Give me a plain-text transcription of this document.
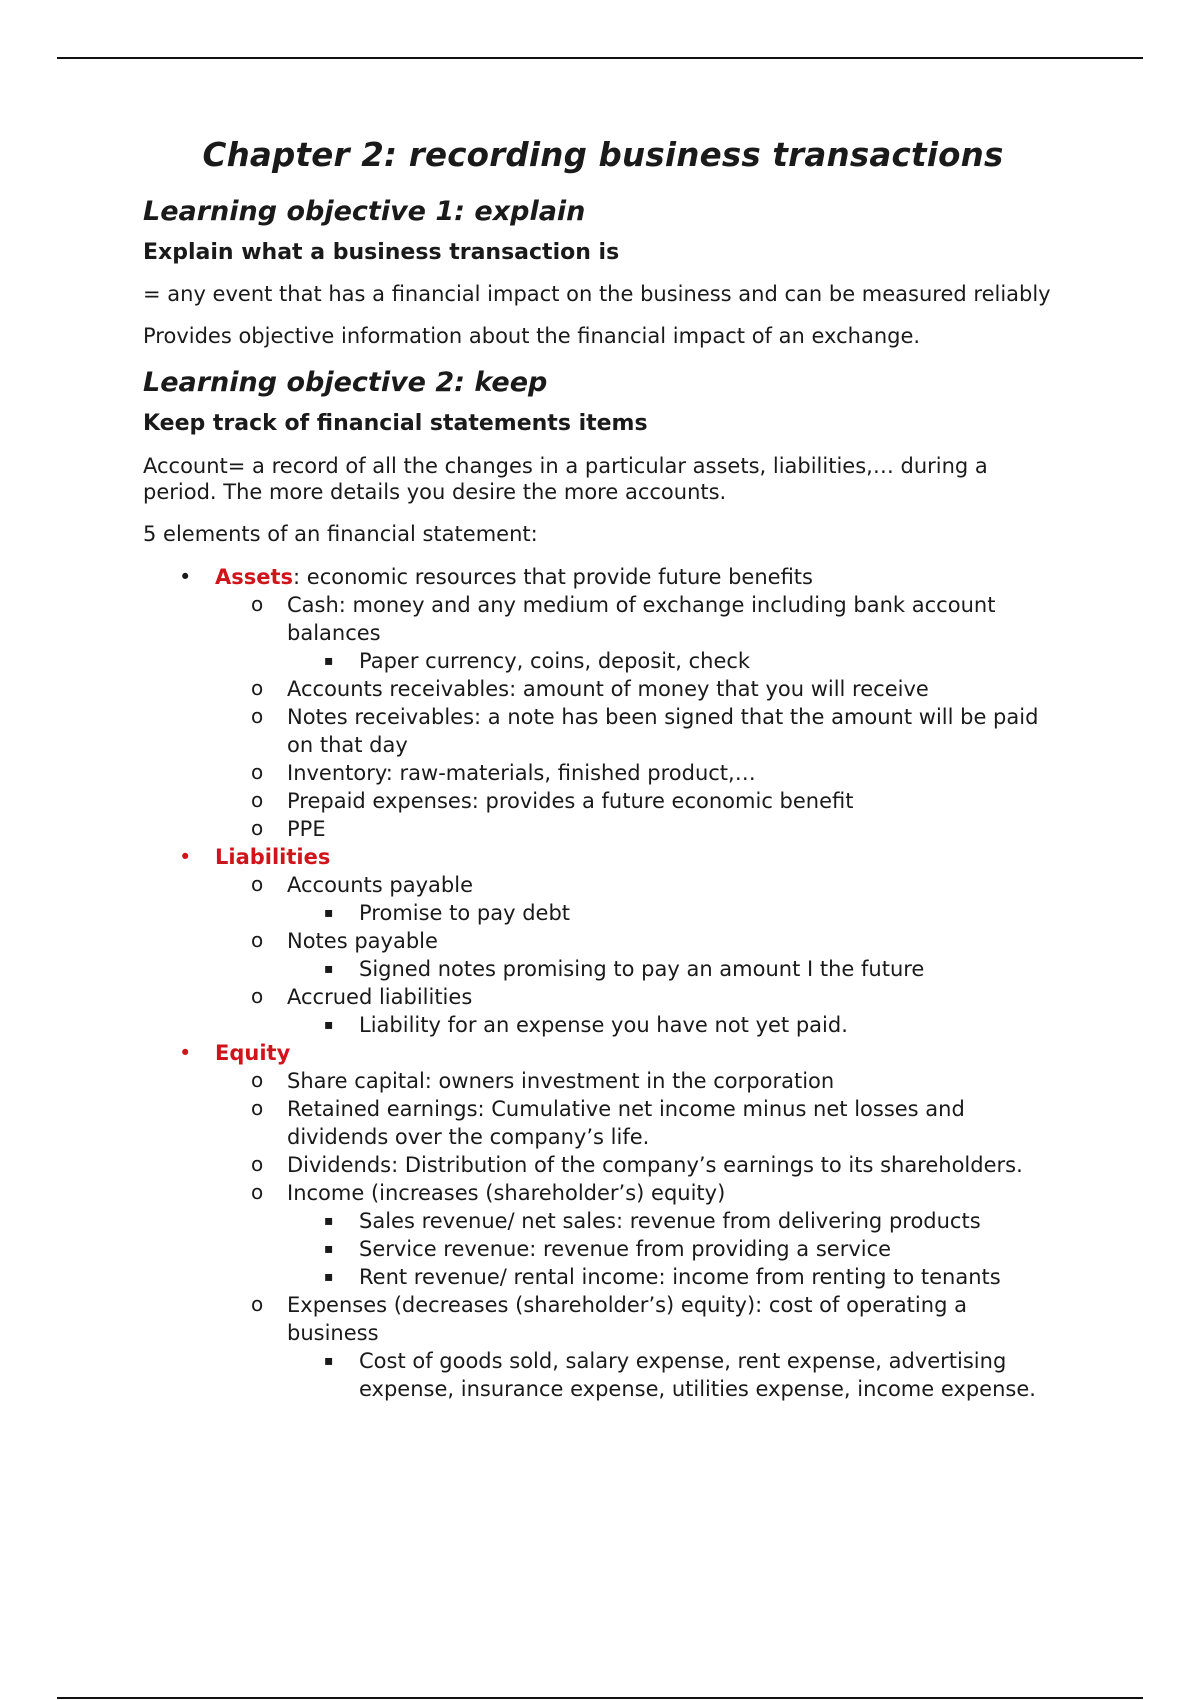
Chapter 2: recording business transactions
Learning objective 1: explain
Explain what a business transaction is

= any event that has a financial impact on the business and can be measured reliably

Provides objective information about the financial impact of an exchange.

Learning objective 2: keep
Keep track of financial statements items

Account= a record of all the changes in a particular assets, liabilities,… during a period. The more details you desire the more accounts.

5 elements of an financial statement:

• Assets: economic resources that provide future benefits
o Cash: money and any medium of exchange including bank account balances
▪ Paper currency, coins, deposit, check
o Accounts receivables: amount of money that you will receive
o Notes receivables: a note has been signed that the amount will be paid on that day
o Inventory: raw-materials, finished product,…
o Prepaid expenses: provides a future economic benefit
o PPE
• Liabilities
o Accounts payable
▪ Promise to pay debt
o Notes payable
▪ Signed notes promising to pay an amount I the future
o Accrued liabilities
▪ Liability for an expense you have not yet paid.
• Equity
o Share capital: owners investment in the corporation
o Retained earnings: Cumulative net income minus net losses and dividends over the company’s life.
o Dividends: Distribution of the company’s earnings to its shareholders.
o Income (increases (shareholder’s) equity)
▪ Sales revenue/ net sales: revenue from delivering products
▪ Service revenue: revenue from providing a service
▪ Rent revenue/ rental income: income from renting to tenants
o Expenses (decreases (shareholder’s) equity): cost of operating a business
▪ Cost of goods sold, salary expense, rent expense, advertising expense, insurance expense, utilities expense, income expense.
